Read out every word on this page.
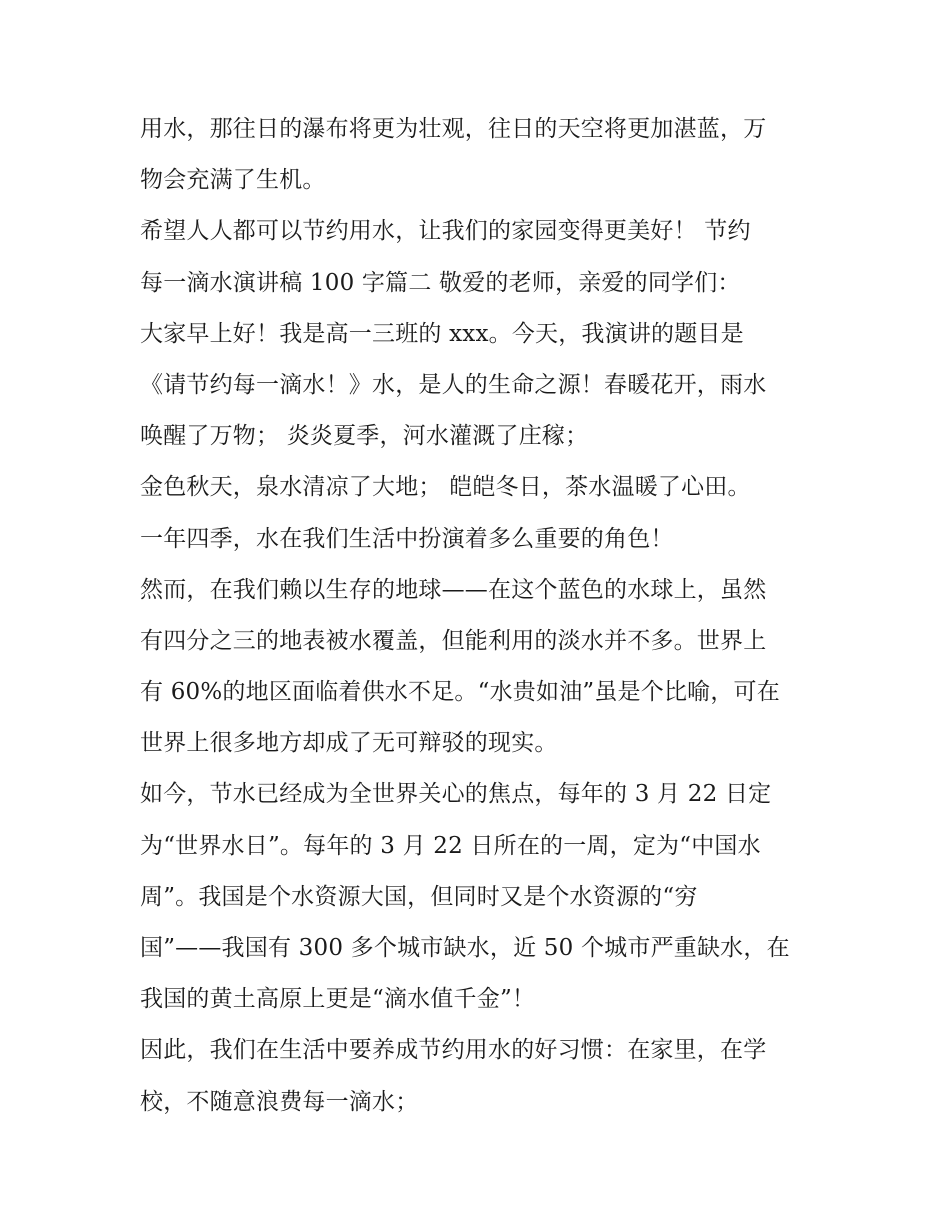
用水，那往日的瀑布将更为壮观，往日的天空将更加湛蓝，万
物会充满了生机。
希望人人都可以节约用水，让我们的家园变得更美好！ 节约
每一滴水演讲稿 100 字篇二 敬爱的老师，亲爱的同学们：
大家早上好！我是高一三班的 xxx。今天，我演讲的题目是
《请节约每一滴水！》水，是人的生命之源！春暖花开，雨水
唤醒了万物； 炎炎夏季，河水灌溉了庄稼；
金色秋天，泉水清凉了大地； 皑皑冬日，茶水温暖了心田。
一年四季，水在我们生活中扮演着多么重要的角色！
然而，在我们赖以生存的地球——在这个蓝色的水球上，虽然
有四分之三的地表被水覆盖，但能利用的淡水并不多。世界上
有 60%的地区面临着供水不足。“水贵如油”虽是个比喻，可在
世界上很多地方却成了无可辩驳的现实。
如今，节水已经成为全世界关心的焦点，每年的 3 月 22 日定
为“世界水日”。每年的 3 月 22 日所在的一周，定为“中国水
周”。我国是个水资源大国，但同时又是个水资源的“穷
国”——我国有 300 多个城市缺水，近 50 个城市严重缺水，在
我国的黄土高原上更是“滴水值千金”！
因此，我们在生活中要养成节约用水的好习惯：在家里，在学
校，不随意浪费每一滴水；
